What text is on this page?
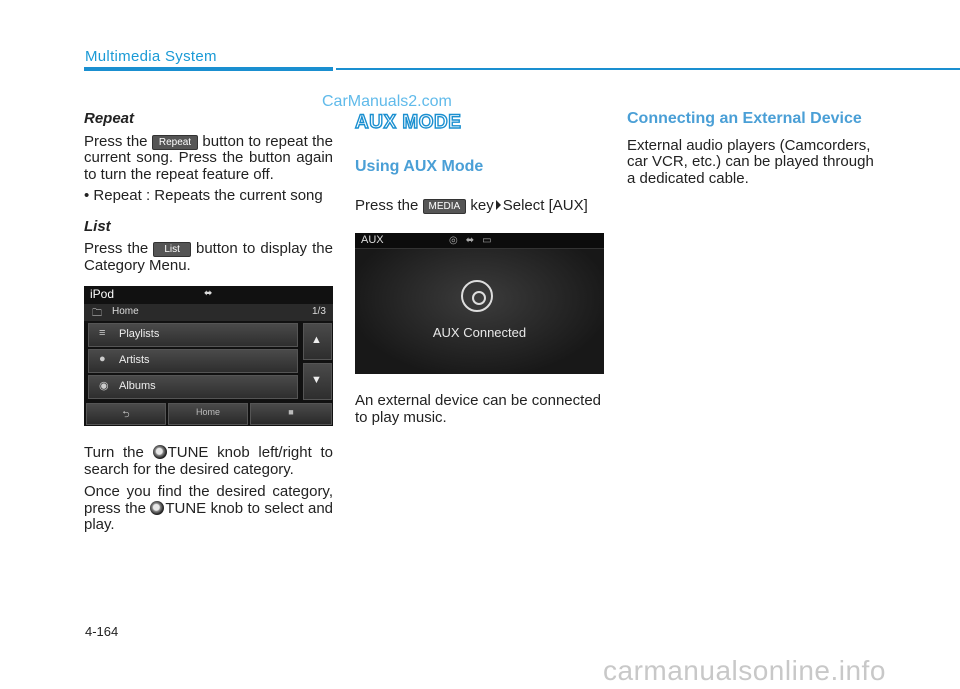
Multimedia System
CarManuals2.com

Repeat

Press the Repeat button to repeat the current song. Press the button again to turn the repeat feature off.

• Repeat : Repeats the current song

List

Press the List button to display the Category Menu.

iPod	⬌
🗀 Home	1/3
≡ Playlists
● Artists
◉ Albums
▲
▼
⮌	Home	■

Turn the TUNE knob left/right to search for the desired category.

Once you find the desired category, press the TUNE knob to select and play.

AUX MODE

Using AUX Mode

Press the MEDIA key Select [AUX]

AUX	◎⬌▭
AUX Connected

An external device can be connected to play music.

Connecting an External Device

External audio players (Camcorders, car VCR, etc.) can be played through a dedicated cable.

4-164
carmanualsonline.info
